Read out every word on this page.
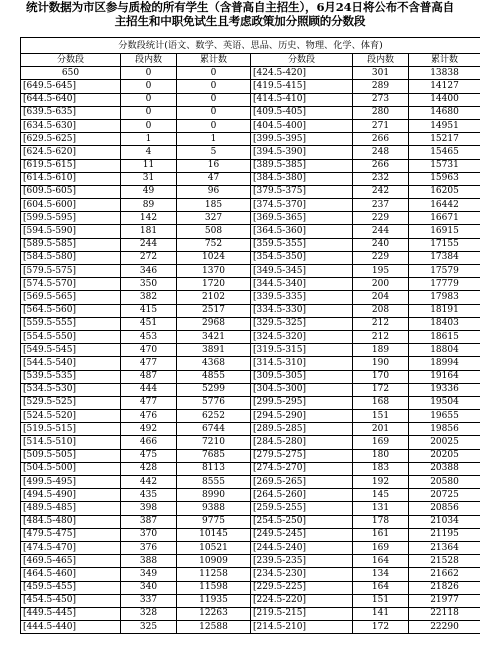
统计数据为市区参与质检的所有学生（含普高自主招生），6月24日将公布不含普高自
主招生和中职免试生且考虑政策加分照顾的分数段
分数段统计(语文、数学、英语、思品、历史、物理、化学、体育)					
分数段	段内数	累计数	分数段	段内数	累计数
650	0	0	[424.5-420]	301	13838
[649.5-645]	0	0	[419.5-415]	289	14127
[644.5-640]	0	0	[414.5-410]	273	14400
[639.5-635]	0	0	[409.5-405]	280	14680
[634.5-630]	0	0	[404.5-400]	271	14951
[629.5-625]	1	1	[399.5-395]	266	15217
[624.5-620]	4	5	[394.5-390]	248	15465
[619.5-615]	11	16	[389.5-385]	266	15731
[614.5-610]	31	47	[384.5-380]	232	15963
[609.5-605]	49	96	[379.5-375]	242	16205
[604.5-600]	89	185	[374.5-370]	237	16442
[599.5-595]	142	327	[369.5-365]	229	16671
[594.5-590]	181	508	[364.5-360]	244	16915
[589.5-585]	244	752	[359.5-355]	240	17155
[584.5-580]	272	1024	[354.5-350]	229	17384
[579.5-575]	346	1370	[349.5-345]	195	17579
[574.5-570]	350	1720	[344.5-340]	200	17779
[569.5-565]	382	2102	[339.5-335]	204	17983
[564.5-560]	415	2517	[334.5-330]	208	18191
[559.5-555]	451	2968	[329.5-325]	212	18403
[554.5-550]	453	3421	[324.5-320]	212	18615
[549.5-545]	470	3891	[319.5-315]	189	18804
[544.5-540]	477	4368	[314.5-310]	190	18994
[539.5-535]	487	4855	[309.5-305]	170	19164
[534.5-530]	444	5299	[304.5-300]	172	19336
[529.5-525]	477	5776	[299.5-295]	168	19504
[524.5-520]	476	6252	[294.5-290]	151	19655
[519.5-515]	492	6744	[289.5-285]	201	19856
[514.5-510]	466	7210	[284.5-280]	169	20025
[509.5-505]	475	7685	[279.5-275]	180	20205
[504.5-500]	428	8113	[274.5-270]	183	20388
[499.5-495]	442	8555	[269.5-265]	192	20580
[494.5-490]	435	8990	[264.5-260]	145	20725
[489.5-485]	398	9388	[259.5-255]	131	20856
[484.5-480]	387	9775	[254.5-250]	178	21034
[479.5-475]	370	10145	[249.5-245]	161	21195
[474.5-470]	376	10521	[244.5-240]	169	21364
[469.5-465]	388	10909	[239.5-235]	164	21528
[464.5-460]	349	11258	[234.5-230]	134	21662
[459.5-455]	340	11598	[229.5-225]	164	21826
[454.5-450]	337	11935	[224.5-220]	151	21977
[449.5-445]	328	12263	[219.5-215]	141	22118
[444.5-440]	325	12588	[214.5-210]	172	22290
